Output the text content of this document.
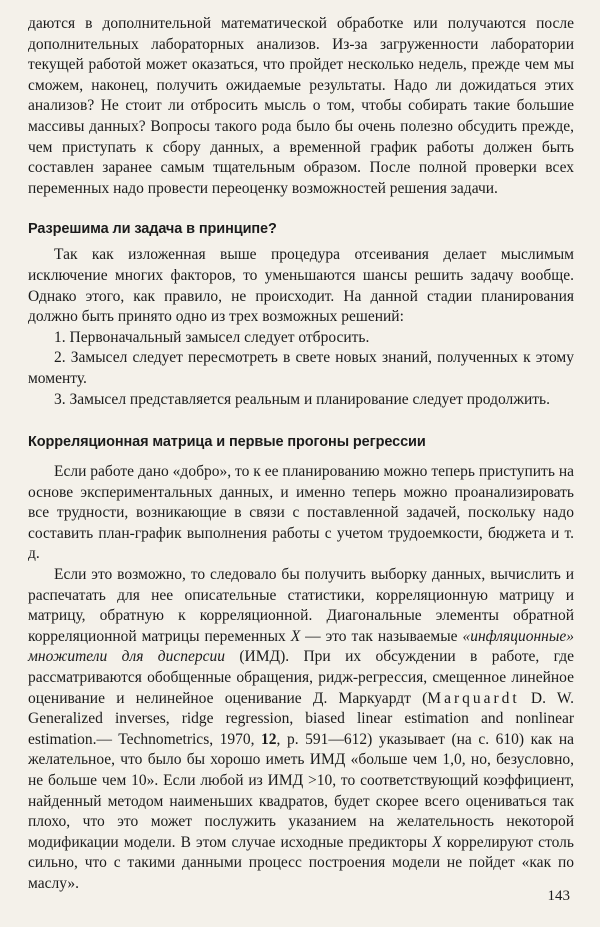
даются в дополнительной математической обработке или получаются после дополнительных лабораторных анализов. Из-за загруженности лаборатории текущей работой может оказаться, что пройдет несколько недель, прежде чем мы сможем, наконец, получить ожидаемые результаты. Надо ли дожидаться этих анализов? Не стоит ли отбросить мысль о том, чтобы собирать такие большие массивы данных? Вопросы такого рода было бы очень полезно обсудить прежде, чем приступать к сбору данных, а временной график работы должен быть составлен заранее самым тщательным образом. После полной проверки всех переменных надо провести переоценку возможностей решения задачи.

Разрешима ли задача в принципе?

Так как изложенная выше процедура отсеивания делает мыслимым исключение многих факторов, то уменьшаются шансы решить задачу вообще. Однако этого, как правило, не происходит. На данной стадии планирования должно быть принято одно из трех возможных решений:

1. Первоначальный замысел следует отбросить.

2. Замысел следует пересмотреть в свете новых знаний, полученных к этому моменту.

3. Замысел представляется реальным и планирование следует продолжить.

Корреляционная матрица и первые прогоны регрессии

Если работе дано «добро», то к ее планированию можно теперь приступить на основе экспериментальных данных, и именно теперь можно проанализировать все трудности, возникающие в связи с поставленной задачей, поскольку надо составить план-график выполнения работы с учетом трудоемкости, бюджета и т. д.

Если это возможно, то следовало бы получить выборку данных, вычислить и распечатать для нее описательные статистики, корреляционную матрицу и матрицу, обратную к корреляционной. Диагональные элементы обратной корреляционной матрицы переменных X — это так называемые «инфляционные» множители для дисперсии (ИМД). При их обсуждении в работе, где рассматриваются обобщенные обращения, ридж-регрессия, смещенное линейное оценивание и нелинейное оценивание Д. Маркуардт (Marquardt D. W. Generalized inverses, ridge regression, biased linear estimation and nonlinear estimation.— Technometrics, 1970, 12, p. 591—612) указывает (на с. 610) как на желательное, что было бы хорошо иметь ИМД «больше чем 1,0, но, безусловно, не больше чем 10». Если любой из ИМД >10, то соответствующий коэффициент, найденный методом наименьших квадратов, будет скорее всего оцениваться так плохо, что это может послужить указанием на желательность некоторой модификации модели. В этом случае исходные предикторы X коррелируют столь сильно, что с такими данными процесс построения модели не пойдет «как по маслу».

143
